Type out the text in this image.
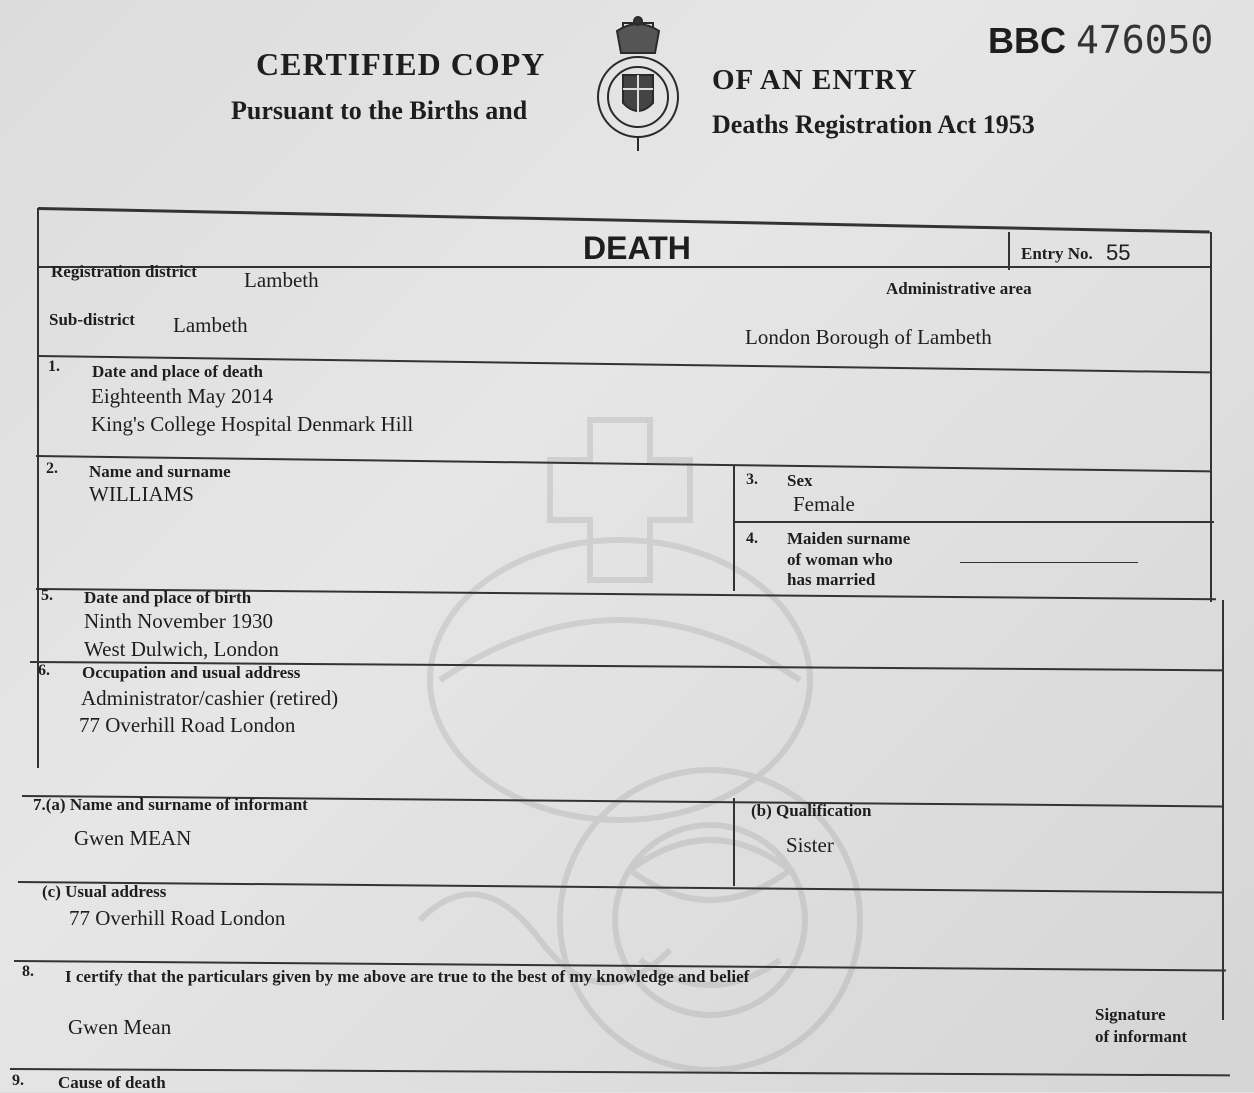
CERTIFIED COPY
Pursuant to the Births and
OF AN ENTRY
Deaths Registration Act 1953
BBC 476050
DEATH	Entry No. 55
Registration district Lambeth	Administrative area
Sub-district Lambeth	London Borough of Lambeth
1. Date and place of death
Eighteenth May 2014
King's College Hospital Denmark Hill
2. Name and surname
WILLIAMS
3. Sex
Female
4. Maiden surname
of woman who
has married
5. Date and place of birth
Ninth November 1930
West Dulwich, London
6. Occupation and usual address
Administrator/cashier (retired)
77 Overhill Road London
7.(a) Name and surname of informant
Gwen MEAN
(b) Qualification
Sister
(c) Usual address
77 Overhill Road London
8. I certify that the particulars given by me above are true to the best of my knowledge and belief
Gwen Mean
Signature
of informant
9. Cause of death
